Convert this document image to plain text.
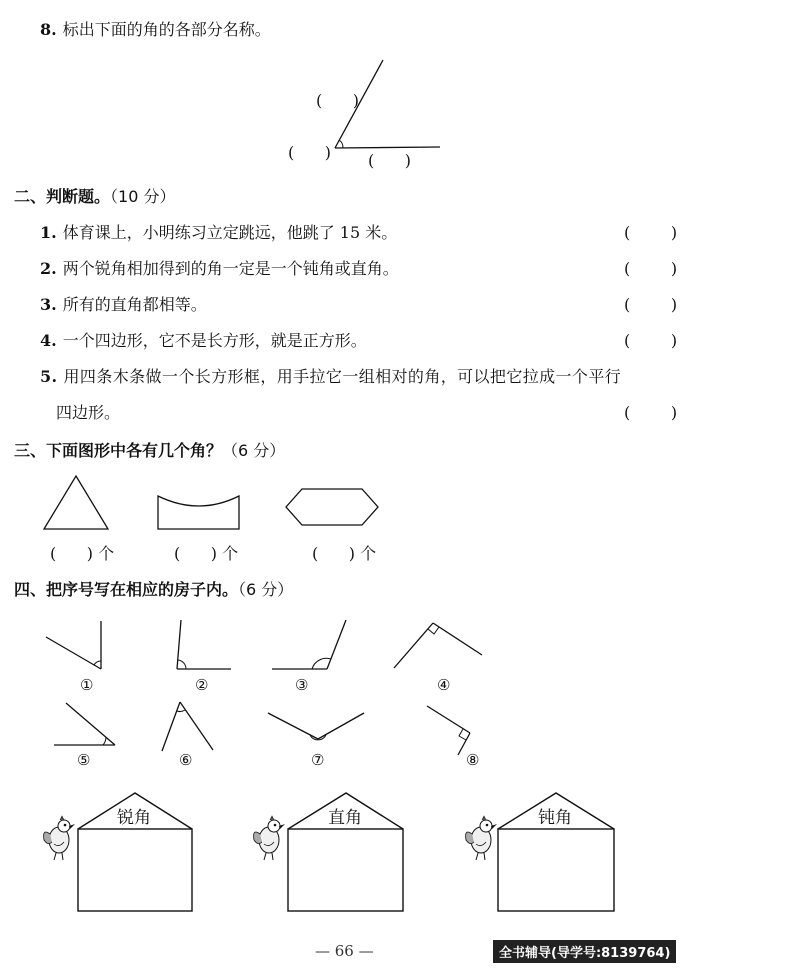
8. 标出下面的角的各部分名称。
(      )
(      ) (      )
二、判断题。（10 分）
1. 体育课上，小明练习立定跳远，他跳了 15 米。	(        )
2. 两个锐角相加得到的角一定是一个钝角或直角。	(        )
3. 所有的直角都相等。	(        )
4. 一个四边形，它不是长方形，就是正方形。	(        )
5. 用四条木条做一个长方形框，用手拉它一组相对的角，可以把它拉成一个平行
四边形。	(        )
三、下面图形中各有几个角？（6 分）
(      ) 个	(      ) 个	(      ) 个
四、把序号写在相应的房子内。（6 分）
①	②	③	④
⑤	⑥	⑦	⑧
锐角	直角	钝角
— 66 —	全书辅导(导学号:8139764)
